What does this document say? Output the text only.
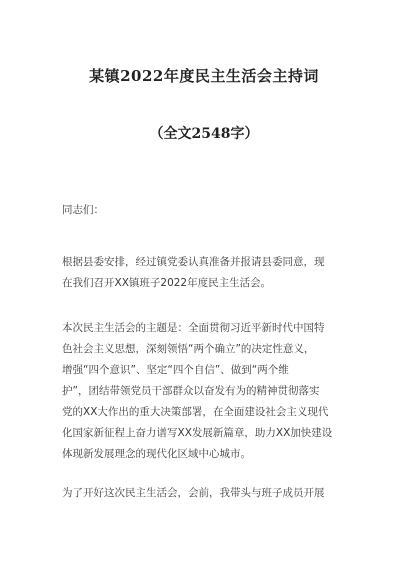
某镇2022年度民主生活会主持词
（全文2548字）
同志们：
根据县委安排，经过镇党委认真准备并报请县委同意，现
在我们召开XX镇班子2022年度民主生活会。
本次民主生活会的主题是：全面贯彻习近平新时代中国特
色社会主义思想，深刻领悟“两个确立”的决定性意义，
增强“四个意识”、坚定“四个自信”、做到“两个维
护”，团结带领党员干部群众以奋发有为的精神贯彻落实
党的XX大作出的重大决策部署，在全面建设社会主义现代
化国家新征程上奋力谱写XX发展新篇章，助力XX加快建设
体现新发展理念的现代化区域中心城市。
为了开好这次民主生活会，会前，我带头与班子成员开展
